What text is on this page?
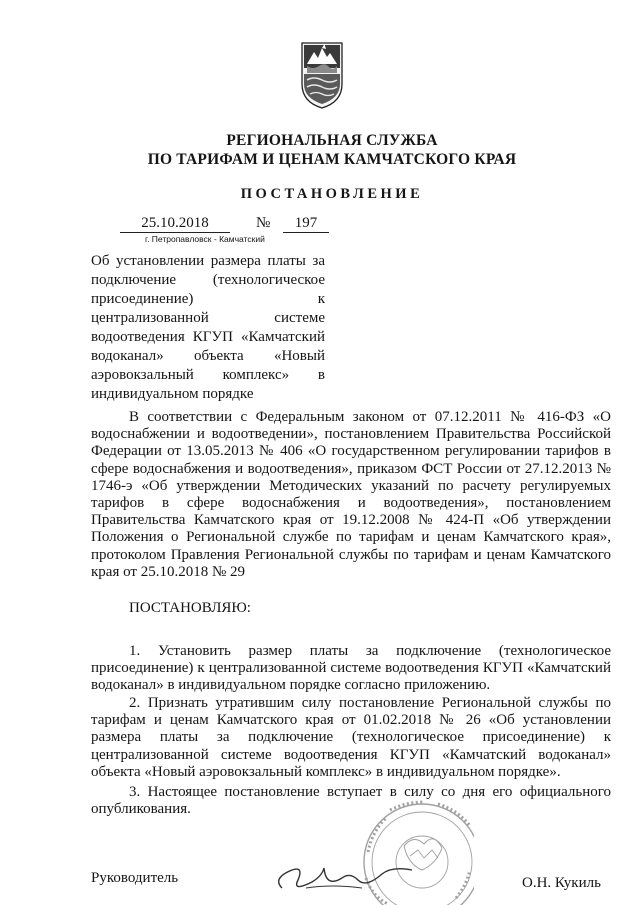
РЕГИОНАЛЬНАЯ СЛУЖБА
ПО ТАРИФАМ И ЦЕНАМ КАМЧАТСКОГО КРАЯ
ПОСТАНОВЛЕНИЕ
25.10.2018	№	197
г. Петропавловск - Камчатский
Об установлении размера платы за подключение (технологическое присоединение) к централизованной системе водоотведения КГУП «Камчатский водоканал» объекта «Новый аэровокзальный комплекс» в индивидуальном порядке
В соответствии с Федеральным законом от 07.12.2011 № 416-ФЗ «О водоснабжении и водоотведении», постановлением Правительства Российской Федерации от 13.05.2013 № 406 «О государственном регулировании тарифов в сфере водоснабжения и водоотведения», приказом ФСТ России от 27.12.2013 № 1746-э «Об утверждении Методических указаний по расчету регулируемых тарифов в сфере водоснабжения и водоотведения», постановлением Правительства Камчатского края от 19.12.2008 № 424-П «Об утверждении Положения о Региональной службе по тарифам и ценам Камчатского края», протоколом Правления Региональной службы по тарифам и ценам Камчатского края от 25.10.2018 № 29
ПОСТАНОВЛЯЮ:
1. Установить размер платы за подключение (технологическое присоединение) к централизованной системе водоотведения КГУП «Камчатский водоканал» в индивидуальном порядке согласно приложению.
2. Признать утратившим силу постановление Региональной службы по тарифам и ценам Камчатского края от 01.02.2018 № 26 «Об установлении размера платы за подключение (технологическое присоединение) к централизованной системе водоотведения КГУП «Камчатский водоканал» объекта «Новый аэровокзальный комплекс» в индивидуальном порядке».
3. Настоящее постановление вступает в силу со дня его официального опубликования.
Руководитель	О.Н. Кукиль
